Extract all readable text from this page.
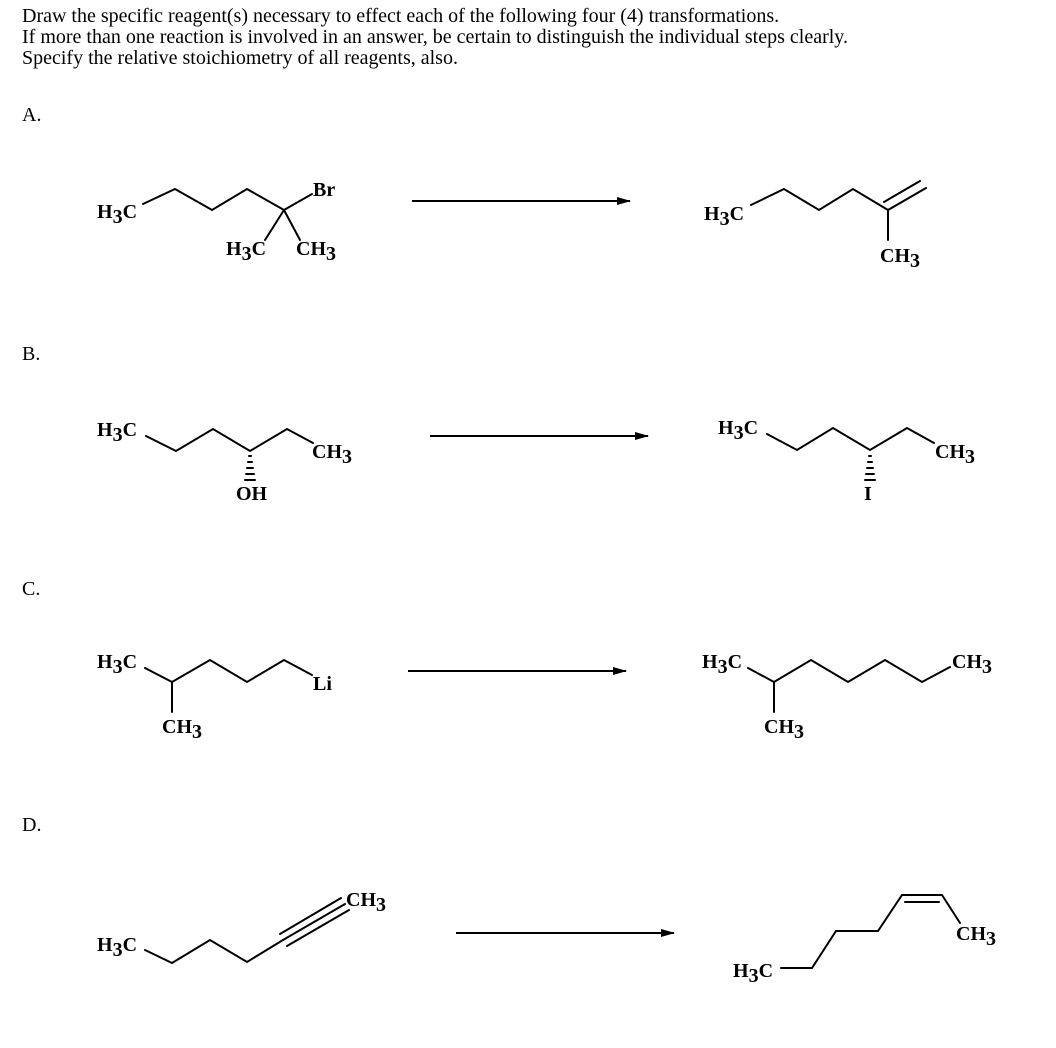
Draw the specific reagent(s) necessary to effect each of the following four (4) transformations.
If more than one reaction is involved in an answer, be certain to distinguish the individual steps clearly.
Specify the relative stoichiometry of all reagents, also.
A.
B.
C.
D.
H3C
Br
H3C CH3
H3C
CH3
H3C
OH
CH3
H3C
I
CH3
H3C
CH3
Li
H3C
CH3
CH3
H3C
CH3
H3C
CH3
